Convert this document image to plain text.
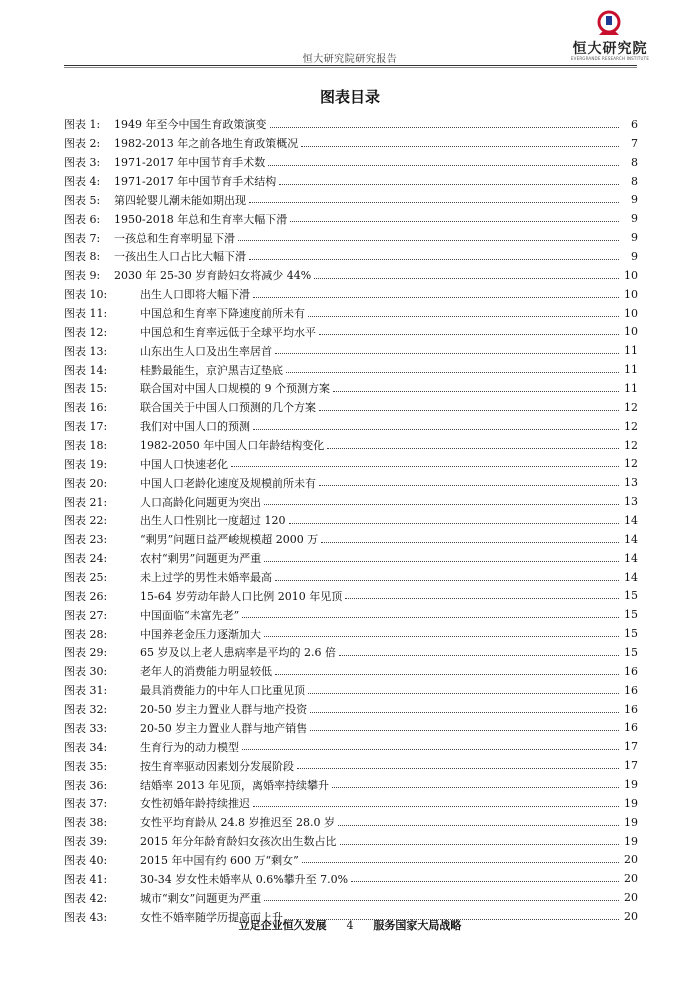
恒大研究院研究报告
恒大研究院
EVERGRANDE RESEARCH INSTITUTE
图表目录
图表 1:	1949 年至今中国生育政策演变	6
图表 2:	1982-2013 年之前各地生育政策概况	7
图表 3:	1971-2017 年中国节育手术数	8
图表 4:	1971-2017 年中国节育手术结构	8
图表 5:	第四轮婴儿潮未能如期出现	9
图表 6:	1950-2018 年总和生育率大幅下滑	9
图表 7:	一孩总和生育率明显下滑	9
图表 8:	一孩出生人口占比大幅下滑	9
图表 9:	2030 年 25-30 岁育龄妇女将减少 44%	10
图表 10:	出生人口即将大幅下滑	10
图表 11:	中国总和生育率下降速度前所未有	10
图表 12:	中国总和生育率远低于全球平均水平	10
图表 13:	山东出生人口及出生率居首	11
图表 14:	桂黔最能生，京沪黑吉辽垫底	11
图表 15:	联合国对中国人口规模的 9 个预测方案	11
图表 16:	联合国关于中国人口预测的几个方案	12
图表 17:	我们对中国人口的预测	12
图表 18:	1982-2050 年中国人口年龄结构变化	12
图表 19:	中国人口快速老化	12
图表 20:	中国人口老龄化速度及规模前所未有	13
图表 21:	人口高龄化问题更为突出	13
图表 22:	出生人口性别比一度超过 120	14
图表 23:	“剩男”问题日益严峻规模超 2000 万	14
图表 24:	农村“剩男”问题更为严重	14
图表 25:	未上过学的男性未婚率最高	14
图表 26:	15-64 岁劳动年龄人口比例 2010 年见顶	15
图表 27:	中国面临“未富先老”	15
图表 28:	中国养老金压力逐渐加大	15
图表 29:	65 岁及以上老人患病率是平均的 2.6 倍	15
图表 30:	老年人的消费能力明显较低	16
图表 31:	最具消费能力的中年人口比重见顶	16
图表 32:	20-50 岁主力置业人群与地产投资	16
图表 33:	20-50 岁主力置业人群与地产销售	16
图表 34:	生育行为的动力模型	17
图表 35:	按生育率驱动因素划分发展阶段	17
图表 36:	结婚率 2013 年见顶，离婚率持续攀升	19
图表 37:	女性初婚年龄持续推迟	19
图表 38:	女性平均育龄从 24.8 岁推迟至 28.0 岁	19
图表 39:	2015 年分年龄育龄妇女孩次出生数占比	19
图表 40:	2015 年中国有约 600 万“剩女”	20
图表 41:	30-34 岁女性未婚率从 0.6%攀升至 7.0%	20
图表 42:	城市“剩女”问题更为严重	20
图表 43:	女性不婚率随学历提高而上升	20
立足企业恒久发展 4 服务国家大局战略
